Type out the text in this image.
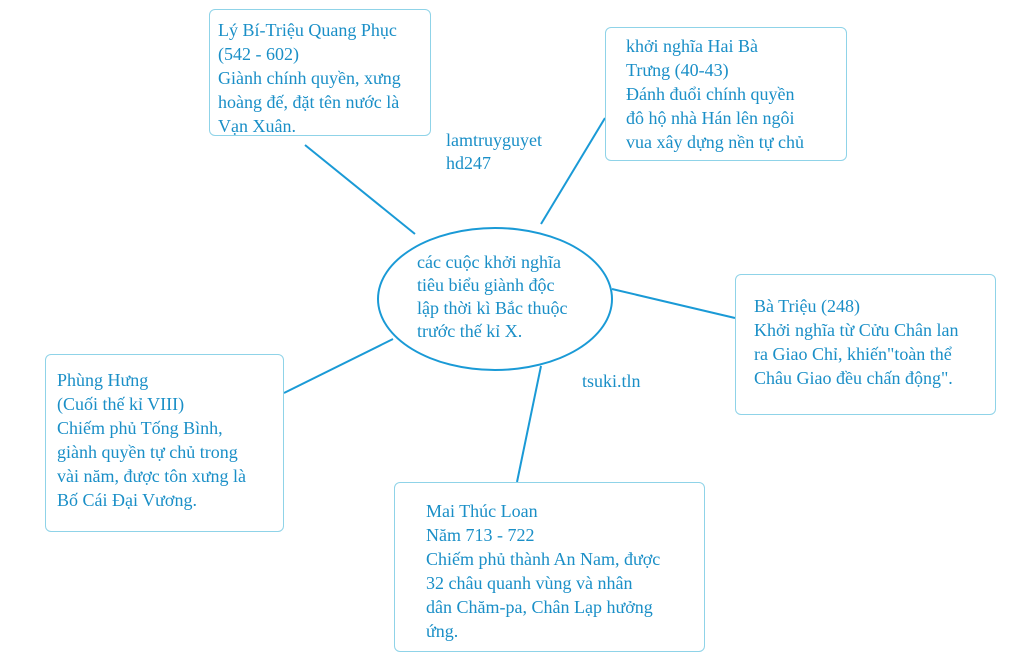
Lý Bí-Triệu Quang Phục
(542 - 602)
Giành chính quyền, xưng
hoàng đế, đặt tên nước là
Vạn Xuân.

khởi nghĩa Hai Bà
Trưng (40-43)
Đánh đuổi chính quyền
đô hộ nhà Hán lên ngôi
vua xây dựng nền tự chủ

Bà Triệu (248)
Khởi nghĩa từ Cửu Chân lan
ra Giao Chỉ, khiến"toàn thể
Châu Giao đều chấn động".

Phùng Hưng
(Cuối thế kỉ VIII)
Chiếm phủ Tống Bình,
giành quyền tự chủ trong
vài năm, được tôn xưng là
Bố Cái Đại Vương.

Mai Thúc Loan
Năm 713 - 722
Chiếm phủ thành An Nam, được
32 châu quanh vùng và nhân
dân Chăm-pa, Chân Lạp hưởng
ứng.

các cuộc khởi nghĩa
tiêu biểu giành độc
lập thời kì Bắc thuộc
trước thế kỉ X.

lamtruyguyet
hd247
tsuki.tln
